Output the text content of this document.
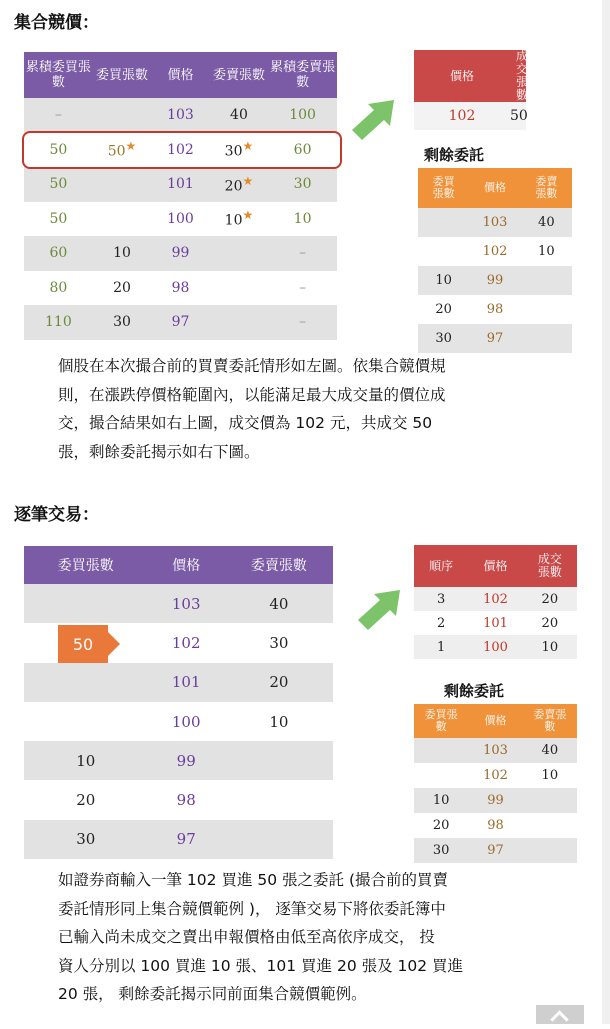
集合競價：
累積委買張數	委買張數	價格	委賣張數	累積委賣張數
–		103	40	100
50	50★	102	30★	60
50		101	20★	30
50		100	10★	10
60	10	99		–
80	20	98		–
110	30	97		–
價格	成交張數
102	50
剩餘委託
委買張數	價格	委賣張數
	103	40
	102	10
10	99	
20	98	
30	97	
個股在本次撮合前的買賣委託情形如左圖。依集合競價規
則，在漲跌停價格範圍內，以能滿足最大成交量的價位成
交，撮合結果如右上圖，成交價為 102 元，共成交 50
張，剩餘委託揭示如右下圖。
逐筆交易：
委買張數	價格	委賣張數
	103	40
	102	30
	101	20
	100	10
10	99	
20	98	
30	97	
50
順序	價格	成交張數
3	102	20
2	101	20
1	100	10
剩餘委託
委買張數	價格	委賣張數
	103	40
	102	10
10	99	
20	98	
30	97	
如證券商輸入一筆 102 買進 50 張之委託 (撮合前的買賣
委託情形同上集合競價範例 )， 逐筆交易下將依委託簿中
已輸入尚未成交之賣出申報價格由低至高依序成交， 投
資人分別以 100 買進 10 張、101 買進 20 張及 102 買進
20 張， 剩餘委託揭示同前面集合競價範例。
